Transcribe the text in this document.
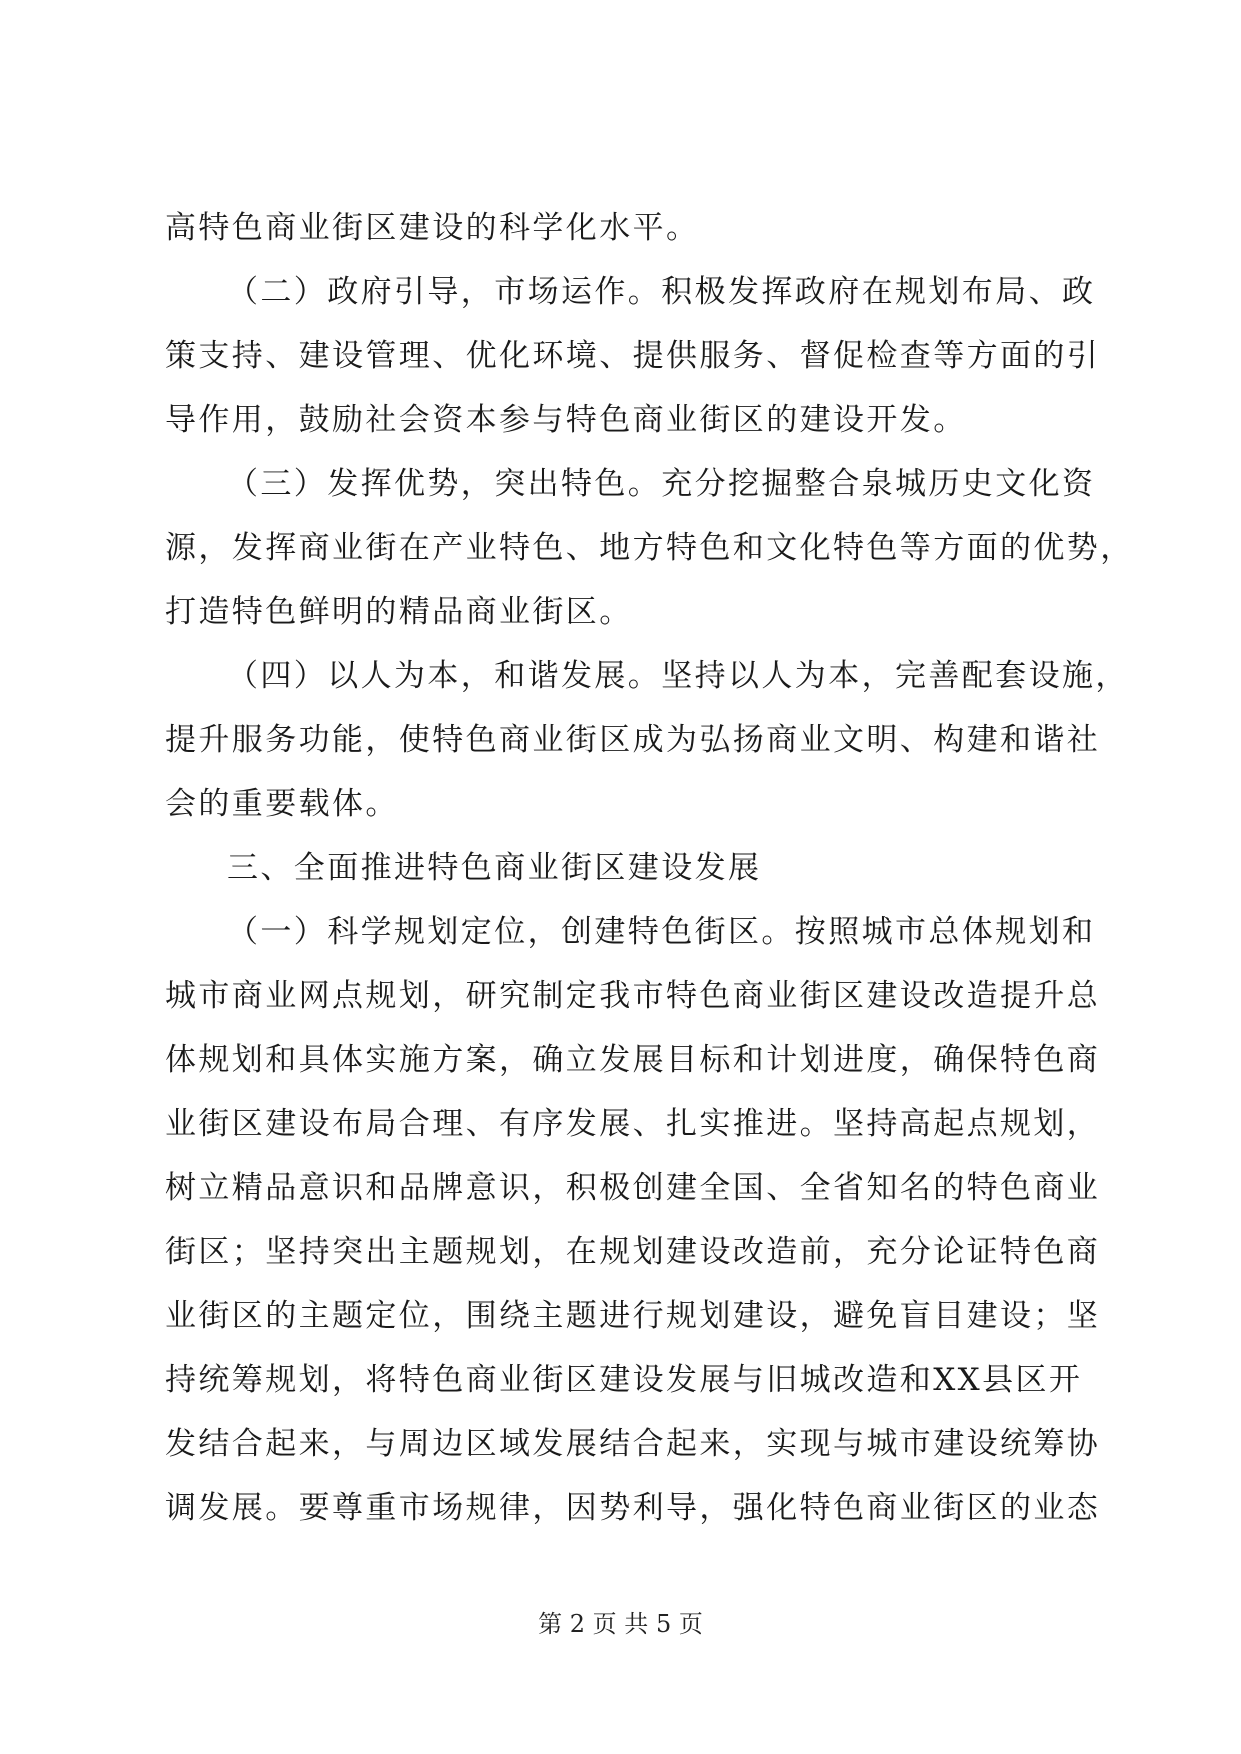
高特色商业街区建设的科学化水平。
（二）政府引导，市场运作。积极发挥政府在规划布局、政
策支持、建设管理、优化环境、提供服务、督促检查等方面的引
导作用，鼓励社会资本参与特色商业街区的建设开发。
（三）发挥优势，突出特色。充分挖掘整合泉城历史文化资
源，发挥商业街在产业特色、地方特色和文化特色等方面的优势，
打造特色鲜明的精品商业街区。
（四）以人为本，和谐发展。坚持以人为本，完善配套设施，
提升服务功能，使特色商业街区成为弘扬商业文明、构建和谐社
会的重要载体。
三、全面推进特色商业街区建设发展
（一）科学规划定位，创建特色街区。按照城市总体规划和
城市商业网点规划，研究制定我市特色商业街区建设改造提升总
体规划和具体实施方案，确立发展目标和计划进度，确保特色商
业街区建设布局合理、有序发展、扎实推进。坚持高起点规划，
树立精品意识和品牌意识，积极创建全国、全省知名的特色商业
街区；坚持突出主题规划，在规划建设改造前，充分论证特色商
业街区的主题定位，围绕主题进行规划建设，避免盲目建设；坚
持统筹规划，将特色商业街区建设发展与旧城改造和XX县区开
发结合起来，与周边区域发展结合起来，实现与城市建设统筹协
调发展。要尊重市场规律，因势利导，强化特色商业街区的业态
第 2 页 共 5 页
